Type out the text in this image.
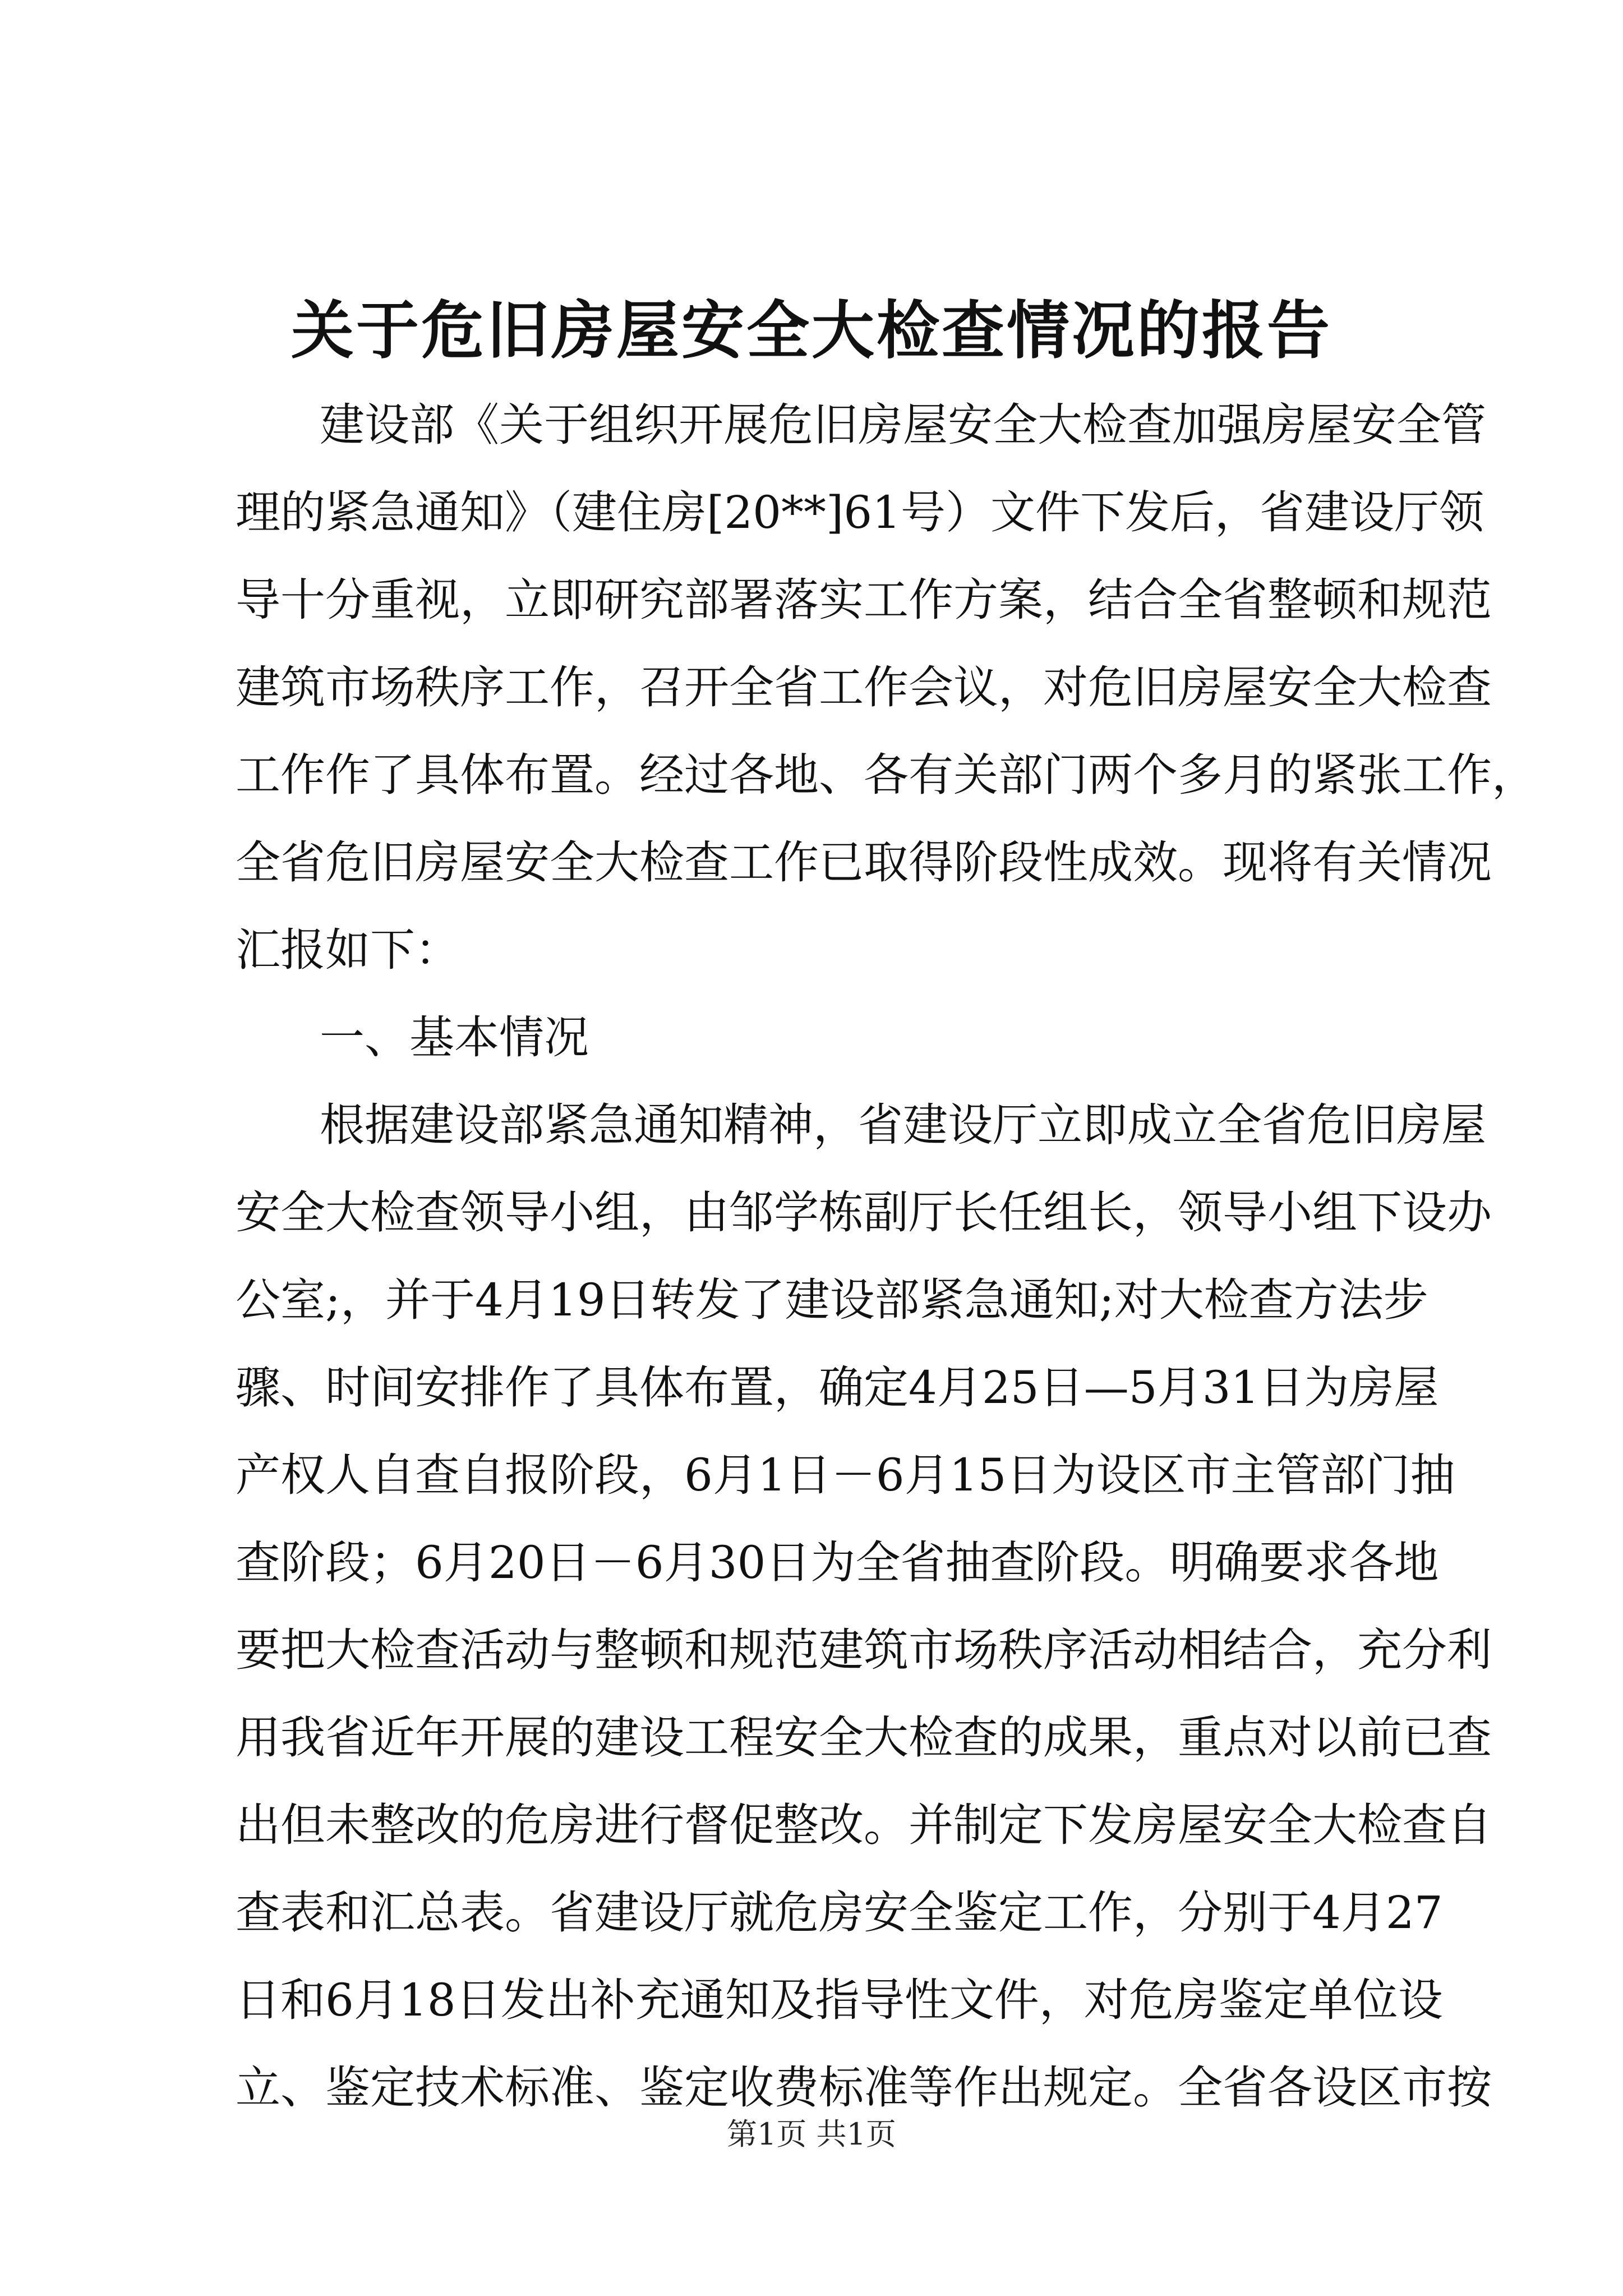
关于危旧房屋安全大检查情况的报告
建设部《关于组织开展危旧房屋安全大检查加强房屋安全管
理的紧急通知》（建住房[20**]61号）文件下发后，省建设厅领
导十分重视，立即研究部署落实工作方案，结合全省整顿和规范
建筑市场秩序工作，召开全省工作会议，对危旧房屋安全大检查
工作作了具体布置。经过各地、各有关部门两个多月的紧张工作，
全省危旧房屋安全大检查工作已取得阶段性成效。现将有关情况
汇报如下：
一、基本情况
根据建设部紧急通知精神，省建设厅立即成立全省危旧房屋
安全大检查领导小组，由邹学栋副厅长任组长，领导小组下设办
公室;，并于4月19日转发了建设部紧急通知;对大检查方法步
骤、时间安排作了具体布置，确定4月25日—5月31日为房屋
产权人自查自报阶段，6月1日－6月15日为设区市主管部门抽
查阶段；6月20日－6月30日为全省抽查阶段。明确要求各地
要把大检查活动与整顿和规范建筑市场秩序活动相结合，充分利
用我省近年开展的建设工程安全大检查的成果，重点对以前已查
出但未整改的危房进行督促整改。并制定下发房屋安全大检查自
查表和汇总表。省建设厅就危房安全鉴定工作，分别于4月27
日和6月18日发出补充通知及指导性文件，对危房鉴定单位设
立、鉴定技术标准、鉴定收费标准等作出规定。全省各设区市按
第1页 共1页
